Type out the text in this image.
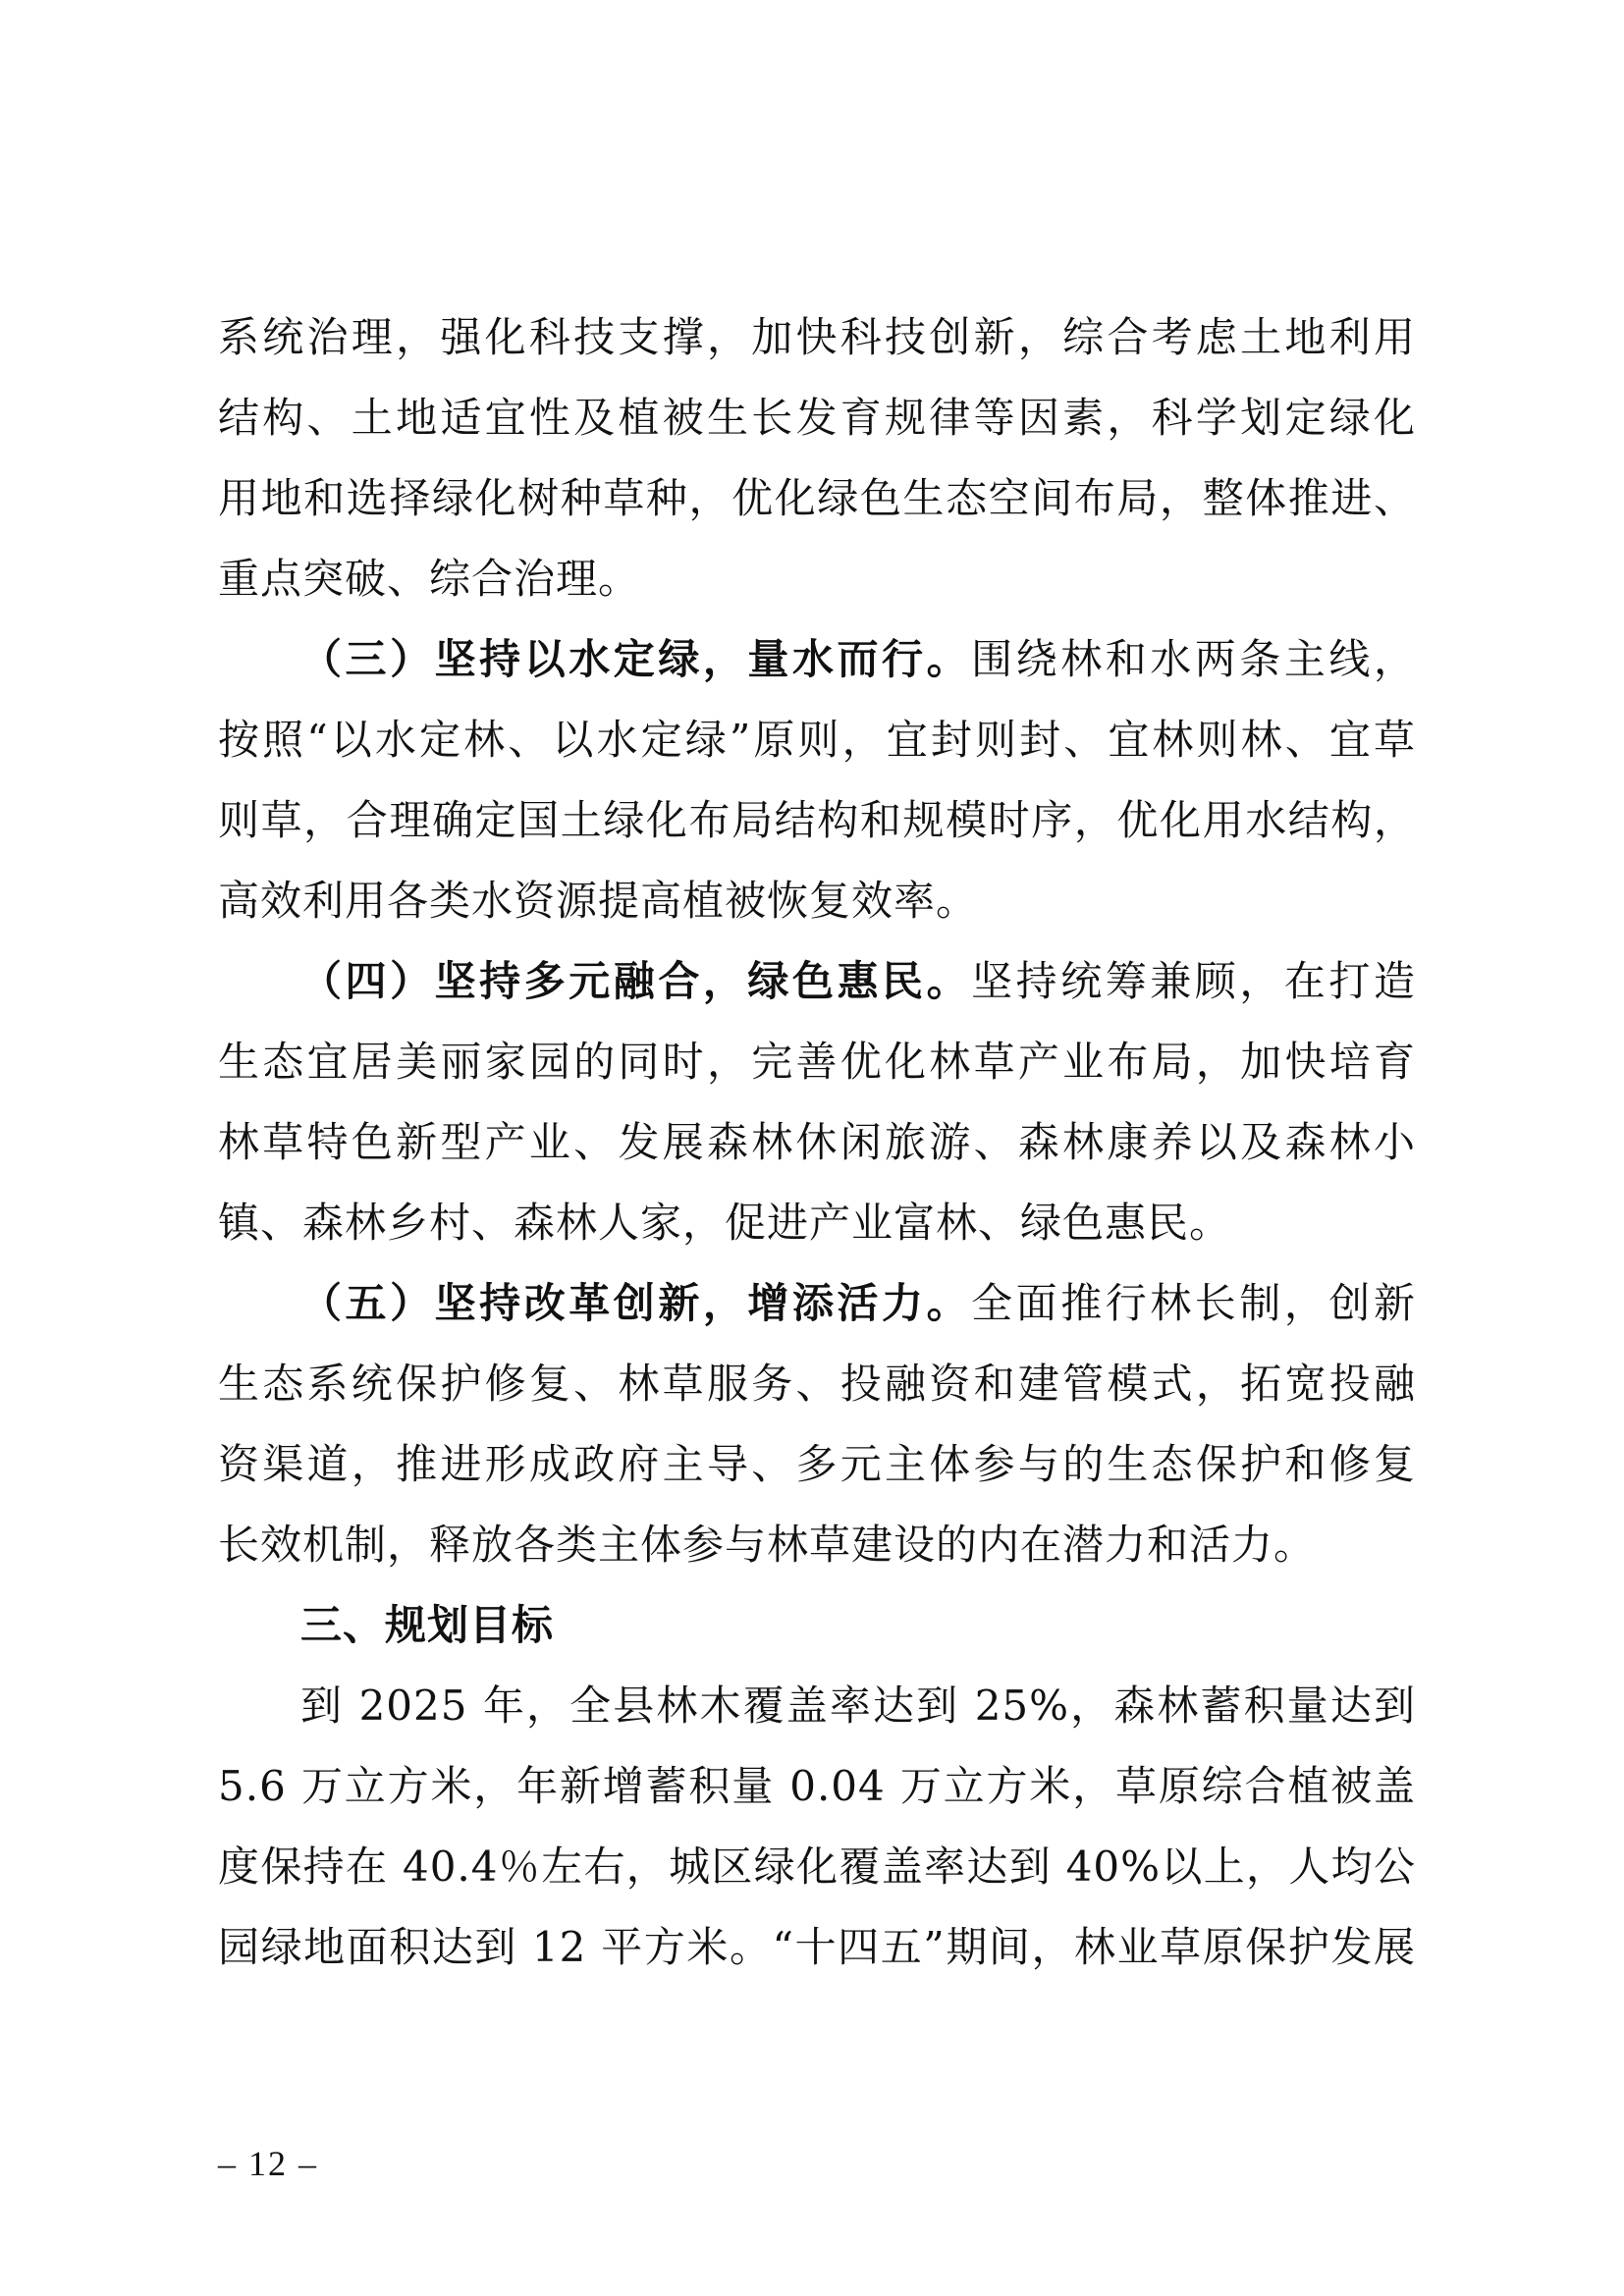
系统治理，强化科技支撑，加快科技创新，综合考虑土地利用
结构、土地适宜性及植被生长发育规律等因素，科学划定绿化
用地和选择绿化树种草种，优化绿色生态空间布局，整体推进、
重点突破、综合治理。
（三）坚持以水定绿，量水而行。围绕林和水两条主线，
按照“以水定林、以水定绿”原则，宜封则封、宜林则林、宜草
则草，合理确定国土绿化布局结构和规模时序，优化用水结构，
高效利用各类水资源提高植被恢复效率。
（四）坚持多元融合，绿色惠民。坚持统筹兼顾，在打造
生态宜居美丽家园的同时，完善优化林草产业布局，加快培育
林草特色新型产业、发展森林休闲旅游、森林康养以及森林小
镇、森林乡村、森林人家，促进产业富林、绿色惠民。
（五）坚持改革创新，增添活力。全面推行林长制，创新
生态系统保护修复、林草服务、投融资和建管模式，拓宽投融
资渠道，推进形成政府主导、多元主体参与的生态保护和修复
长效机制，释放各类主体参与林草建设的内在潜力和活力。
三、规划目标
到 2025 年，全县林木覆盖率达到 25%，森林蓄积量达到
5.6 万立方米，年新增蓄积量 0.04 万立方米，草原综合植被盖
度保持在 40.4％左右，城区绿化覆盖率达到 40%以上，人均公
园绿地面积达到 12 平方米。“十四五”期间，林业草原保护发展
– 12 –
